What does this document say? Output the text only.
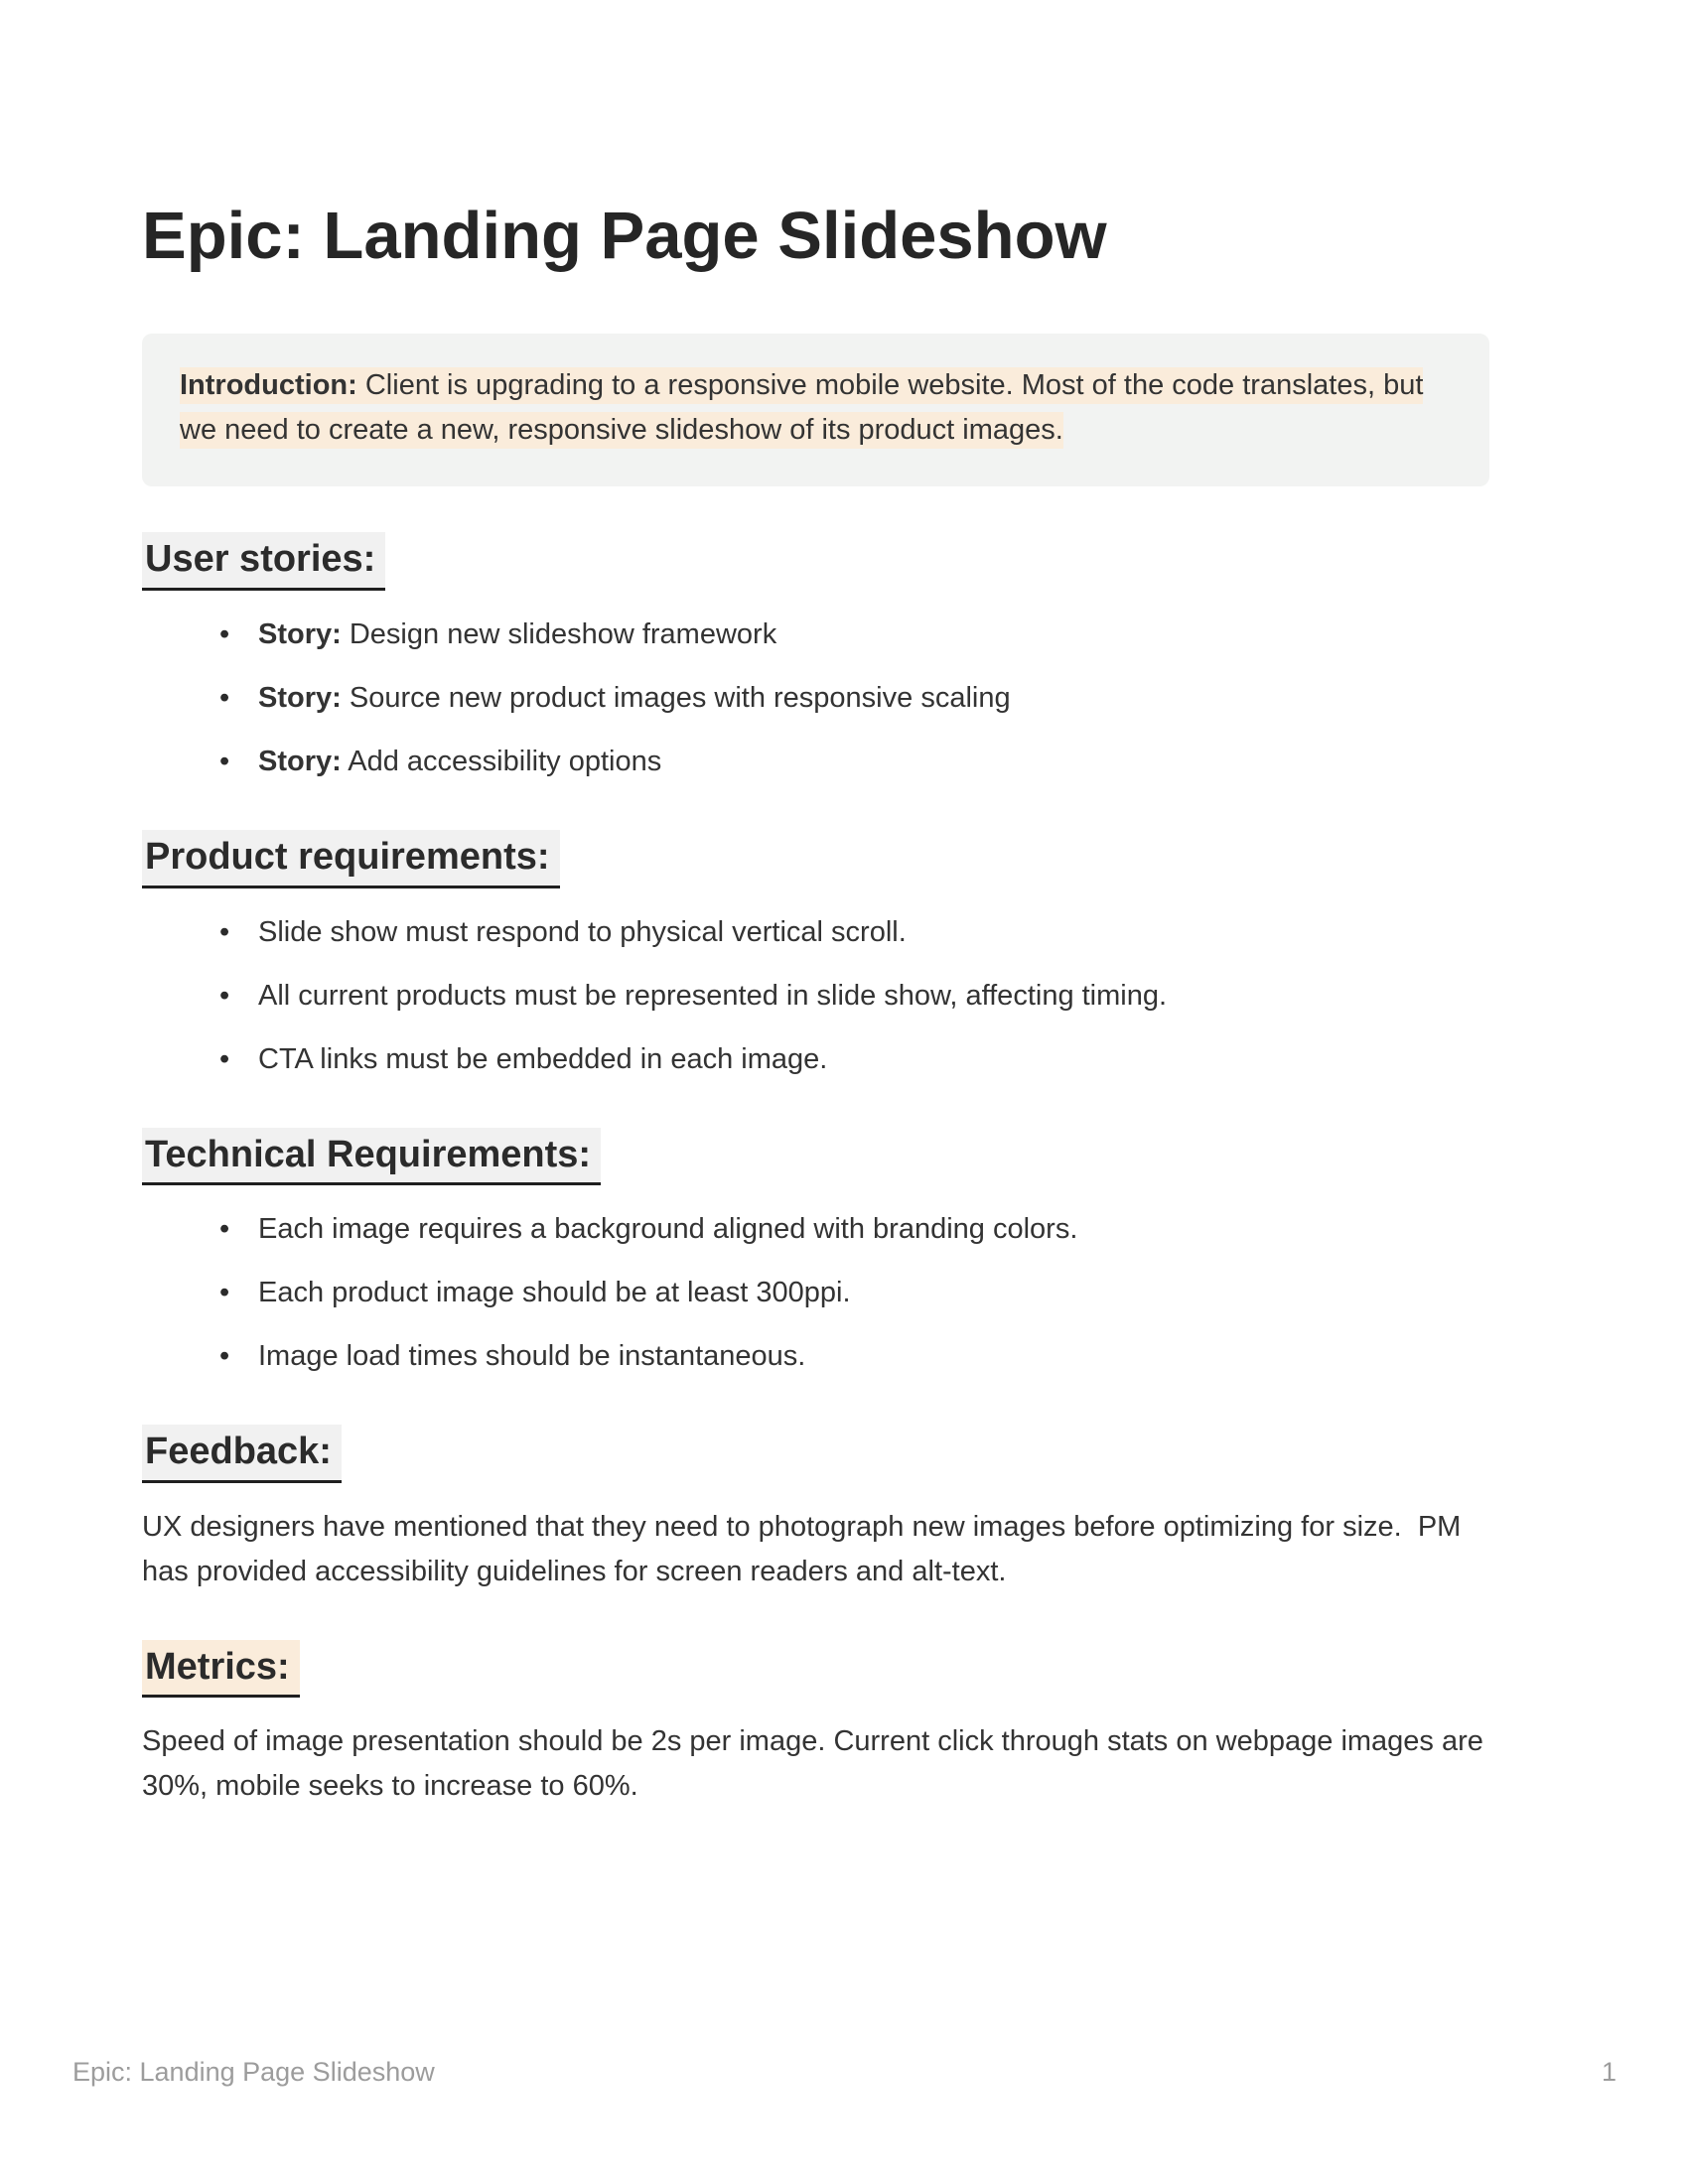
Epic: Landing Page Slideshow
Introduction: Client is upgrading to a responsive mobile website. Most of the code translates, but we need to create a new, responsive slideshow of its product images.
User stories:
• Story: Design new slideshow framework
• Story: Source new product images with responsive scaling
• Story: Add accessibility options
Product requirements:
• Slide show must respond to physical vertical scroll.
• All current products must be represented in slide show, affecting timing.
• CTA links must be embedded in each image.
Technical Requirements:
• Each image requires a background aligned with branding colors.
• Each product image should be at least 300ppi.
• Image load times should be instantaneous.
Feedback:

UX designers have mentioned that they need to photograph new images before optimizing for size.  PM has provided accessibility guidelines for screen readers and alt-text.

Metrics:

Speed of image presentation should be 2s per image. Current click through stats on webpage images are 30%, mobile seeks to increase to 60%.

Epic: Landing Page Slideshow	1
